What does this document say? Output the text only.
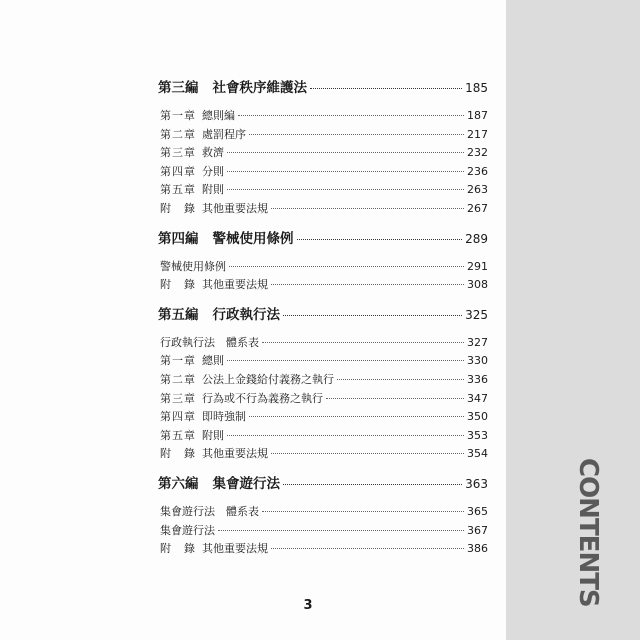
CONTENTS
第三編 社會秩序維護法	185
第一章 總則編	187
第二章 處罰程序	217
第三章 救濟	232
第四章 分則	236
第五章 附則	263
附　錄 其他重要法規	267
第四編 警械使用條例	289
警械使用條例	291
附　錄 其他重要法規	308
第五編 行政執行法	325
行政執行法　體系表	327
第一章 總則	330
第二章 公法上金錢給付義務之執行	336
第三章 行為或不行為義務之執行	347
第四章 即時強制	350
第五章 附則	353
附　錄 其他重要法規	354
第六編 集會遊行法	363
集會遊行法　體系表	365
集會遊行法	367
附　錄 其他重要法規	386
3
